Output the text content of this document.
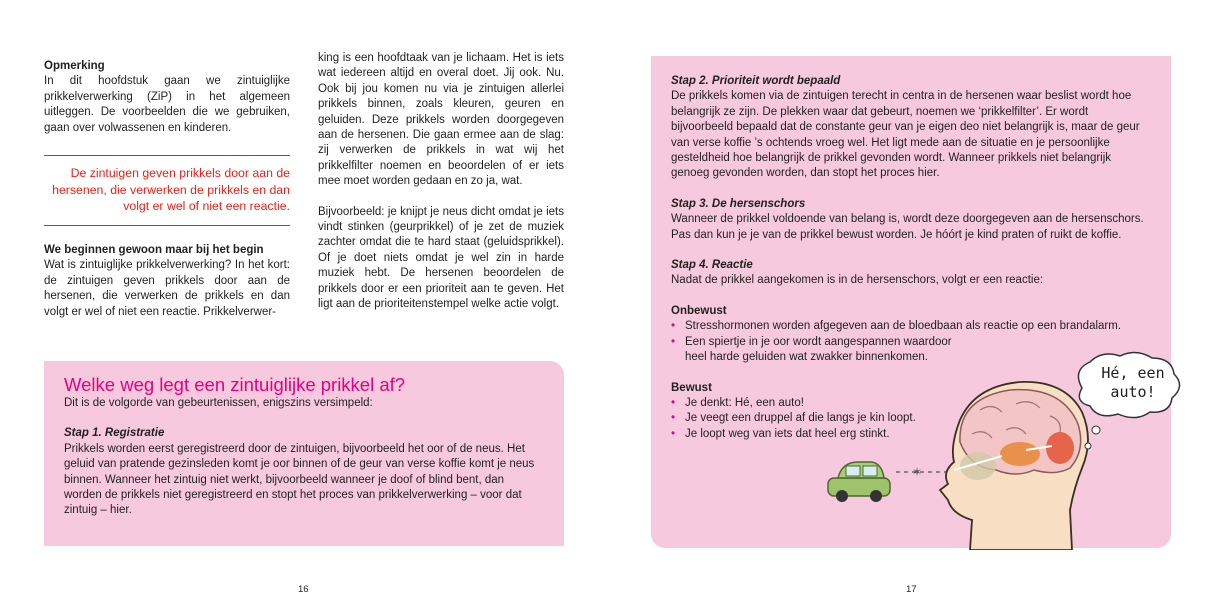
Opmerking

In dit hoofdstuk gaan we zintuiglijke prikkelverwerking (ZiP) in het algemeen uitleggen. De voorbeelden die we gebruiken, gaan over volwassenen en kinderen.

De zintuigen geven prikkels door aan de hersenen, die verwerken de prikkels en dan volgt er wel of niet een reactie.

We beginnen gewoon maar bij het begin

Wat is zintuiglijke prikkelverwerking? In het kort: de zintuigen geven prikkels door aan de hersenen, die verwerken de prikkels en dan volgt er wel of niet een reactie. Prikkelverwer-

king is een hoofdtaak van je lichaam. Het is iets wat iedereen altijd en overal doet. Jij ook. Nu. Ook bij jou komen nu via je zintuigen allerlei prikkels binnen, zoals kleuren, geuren en geluiden. Deze prikkels worden doorgegeven aan de hersenen. Die gaan ermee aan de slag: zij verwerken de prikkels in wat wij het prikkelfilter noemen en beoordelen of er iets mee moet worden gedaan en zo ja, wat.

Bijvoorbeeld: je knijpt je neus dicht omdat je iets vindt stinken (geurprikkel) of je zet de muziek zachter omdat die te hard staat (geluidsprikkel). Of je doet niets omdat je wel zin in harde muziek hebt. De hersenen beoordelen de prikkels door er een prioriteit aan te geven. Het ligt aan de prioriteitenstempel welke actie volgt.

Welke weg legt een zintuiglijke prikkel af?

Dit is de volgorde van gebeurtenissen, enigszins versimpeld:

Stap 1. Registratie

Prikkels worden eerst geregistreerd door de zintuigen, bijvoorbeeld het oor of de neus. Het geluid van pratende gezinsleden komt je oor binnen of de geur van verse koffie komt je neus binnen. Wanneer het zintuig niet werkt, bijvoorbeeld wanneer je doof of blind bent, dan worden de prikkels niet geregistreerd en stopt het proces van prikkelverwerking – voor dat zintuig – hier.

16

Stap 2. Prioriteit wordt bepaald

De prikkels komen via de zintuigen terecht in centra in de hersenen waar beslist wordt hoe belangrijk ze zijn. De plekken waar dat gebeurt, noemen we ‘prikkelfilter’. Er wordt bijvoorbeeld bepaald dat de constante geur van je eigen deo niet belangrijk is, maar de geur van verse koffie ’s ochtends vroeg wel. Het ligt mede aan de situatie en je persoonlijke gesteldheid hoe belangrijk de prikkel gevonden wordt. Wanneer prikkels niet belangrijk genoeg gevonden worden, dan stopt het proces hier.

Stap 3. De hersenschors

Wanneer de prikkel voldoende van belang is, wordt deze doorgegeven aan de hersenschors. Pas dan kun je je van de prikkel bewust worden. Je hóórt je kind praten of ruikt de koffie.

Stap 4. Reactie

Nadat de prikkel aangekomen is in de hersenschors, volgt er een reactie:

Onbewust

• Stresshormonen worden afgegeven aan de bloedbaan als reactie op een brandalarm.
• Een spiertje in je oor wordt aangespannen waardoor heel harde geluiden wat zwakker binnenkomen.

Bewust

• Je denkt: Hé, een auto!
• Je veegt een druppel af die langs je kin loopt.
• Je loopt weg van iets dat heel erg stinkt.
✶
Hé, een auto!
17
